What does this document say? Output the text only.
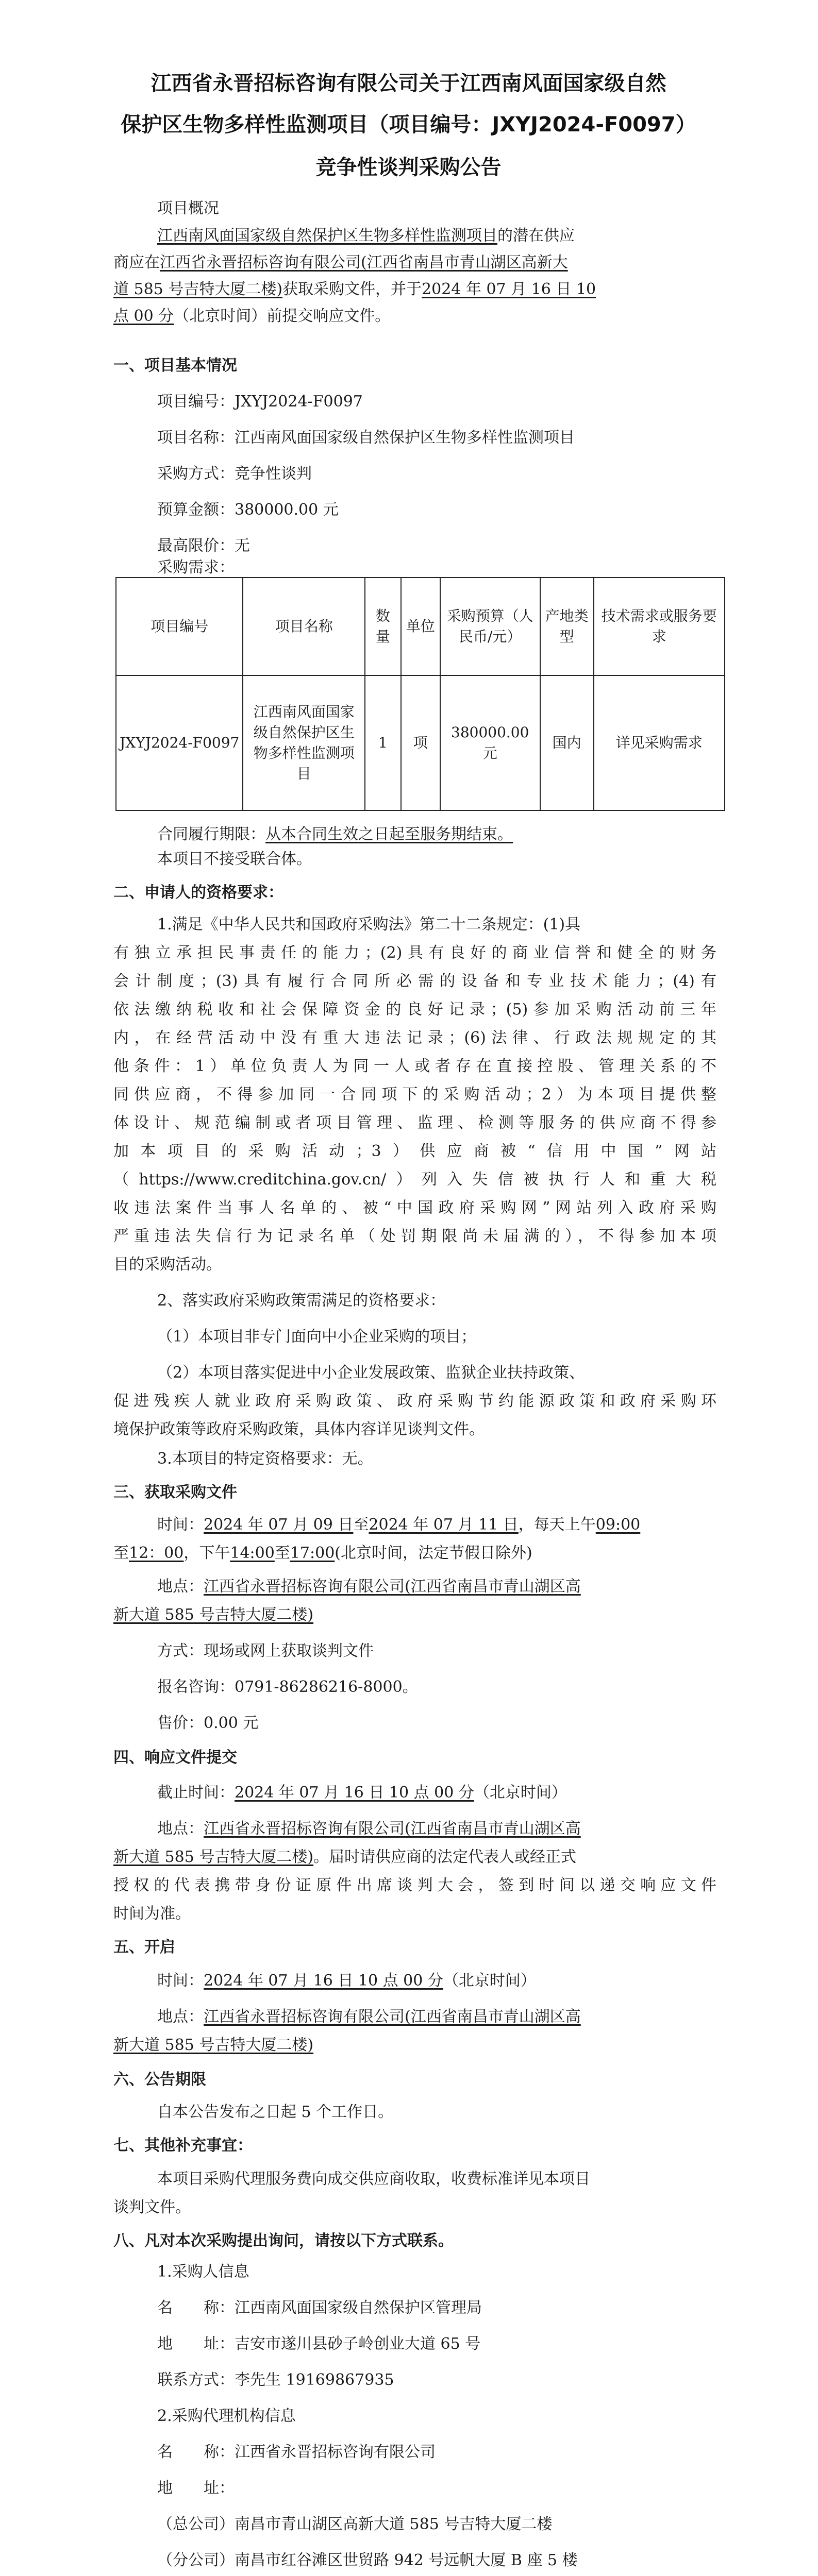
江西省永晋招标咨询有限公司关于江西南风面国家级自然
保护区生物多样性监测项目（项目编号：JXYJ2024-F0097）
竞争性谈判采购公告
项目概况
江西南风面国家级自然保护区生物多样性监测项目的潜在供应
商应在江西省永晋招标咨询有限公司(江西省南昌市青山湖区高新大
道 585 号吉特大厦二楼)获取采购文件，并于2024 年 07 月 16 日 10
点 00 分（北京时间）前提交响应文件。
一、项目基本情况
项目编号：JXYJ2024-F0097
项目名称：江西南风面国家级自然保护区生物多样性监测项目
采购方式：竞争性谈判
预算金额：380000.00 元
最高限价：无
采购需求：
项目编号	项目名称	数量	单位	采购预算（人民币/元）	产地类型	技术需求或服务要求
JXYJ2024-F0097	江西南风面国家级自然保护区生物多样性监测项目	1	项	380000.00 元	国内	详见采购需求
合同履行期限：从本合同生效之日起至服务期结束。
本项目不接受联合体。
二、申请人的资格要求：
1.满足《中华人民共和国政府采购法》第二十二条规定：(1)具
有独立承担民事责任的能力；(2)具有良好的商业信誉和健全的财务
会计制度；(3)具有履行合同所必需的设备和专业技术能力；(4)有
依法缴纳税收和社会保障资金的良好记录；(5)参加采购活动前三年
内，在经营活动中没有重大违法记录；(6)法律、行政法规规定的其
他条件：1）单位负责人为同一人或者存在直接控股、管理关系的不
同供应商，不得参加同一合同项下的采购活动；2）为本项目提供整
体设计、规范编制或者项目管理、监理、检测等服务的供应商不得参
加本项目的采购活动；3）供应商被“信用中国”网站
（https://www.creditchina.gov.cn/）列入失信被执行人和重大税
收违法案件当事人名单的、被“中国政府采购网”网站列入政府采购
严重违法失信行为记录名单（处罚期限尚未届满的），不得参加本项
目的采购活动。
2、落实政府采购政策需满足的资格要求：
（1）本项目非专门面向中小企业采购的项目；
（2）本项目落实促进中小企业发展政策、监狱企业扶持政策、
促进残疾人就业政府采购政策、政府采购节约能源政策和政府采购环
境保护政策等政府采购政策，具体内容详见谈判文件。
3.本项目的特定资格要求：无。
三、获取采购文件
时间：2024 年 07 月 09 日至2024 年 07 月 11 日，每天上午09:00
至12：00，下午14:00至17:00(北京时间，法定节假日除外)
地点：江西省永晋招标咨询有限公司(江西省南昌市青山湖区高
新大道 585 号吉特大厦二楼)
方式：现场或网上获取谈判文件
报名咨询：0791-86286216-8000。
售价：0.00 元
四、响应文件提交
截止时间：2024 年 07 月 16 日 10 点 00 分（北京时间）
地点：江西省永晋招标咨询有限公司(江西省南昌市青山湖区高
新大道 585 号吉特大厦二楼)。届时请供应商的法定代表人或经正式
授权的代表携带身份证原件出席谈判大会，签到时间以递交响应文件
时间为准。
五、开启
时间：2024 年 07 月 16 日 10 点 00 分（北京时间）
地点：江西省永晋招标咨询有限公司(江西省南昌市青山湖区高
新大道 585 号吉特大厦二楼)
六、公告期限
自本公告发布之日起 5 个工作日。
七、其他补充事宜：
本项目采购代理服务费向成交供应商收取，收费标准详见本项目
谈判文件。
八、凡对本次采购提出询问，请按以下方式联系。
1.采购人信息
名　　称：江西南风面国家级自然保护区管理局
地　　址：吉安市遂川县砂子岭创业大道 65 号
联系方式：李先生 19169867935
2.采购代理机构信息
名　　称：江西省永晋招标咨询有限公司
地　　址：
（总公司）南昌市青山湖区高新大道 585 号吉特大厦二楼
（分公司）南昌市红谷滩区世贸路 942 号远帆大厦 B 座 5 楼
